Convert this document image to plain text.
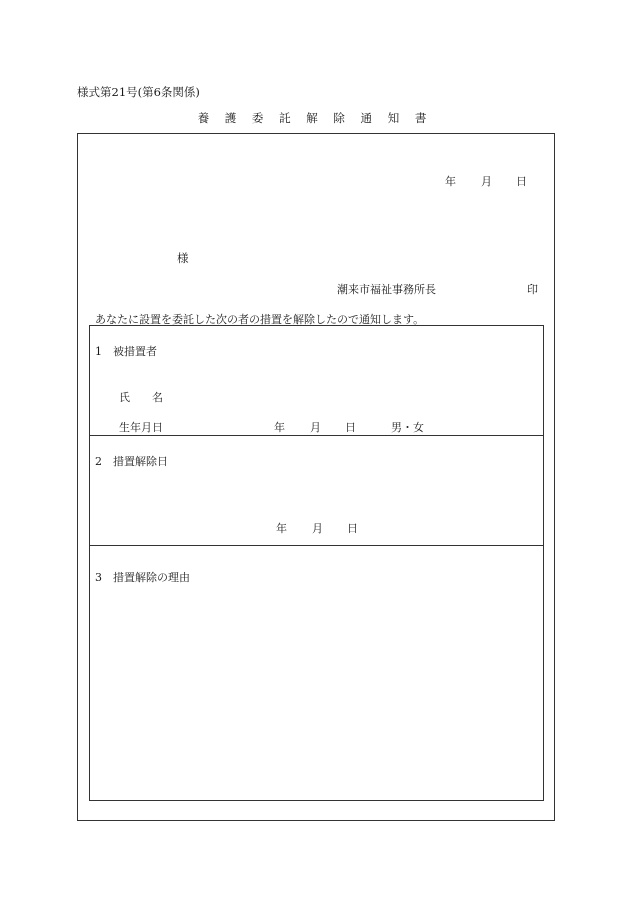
様式第21号(第6条関係)
養 護 委 託 解 除 通 知 書
年 月 日
様
潮来市福祉事務所長	印
あなたに設置を委託した次の者の措置を解除したので通知します。
1　被措置者
氏　　名
生年月日	年 月 日	男・女
2　措置解除日
年 月 日
3　措置解除の理由
